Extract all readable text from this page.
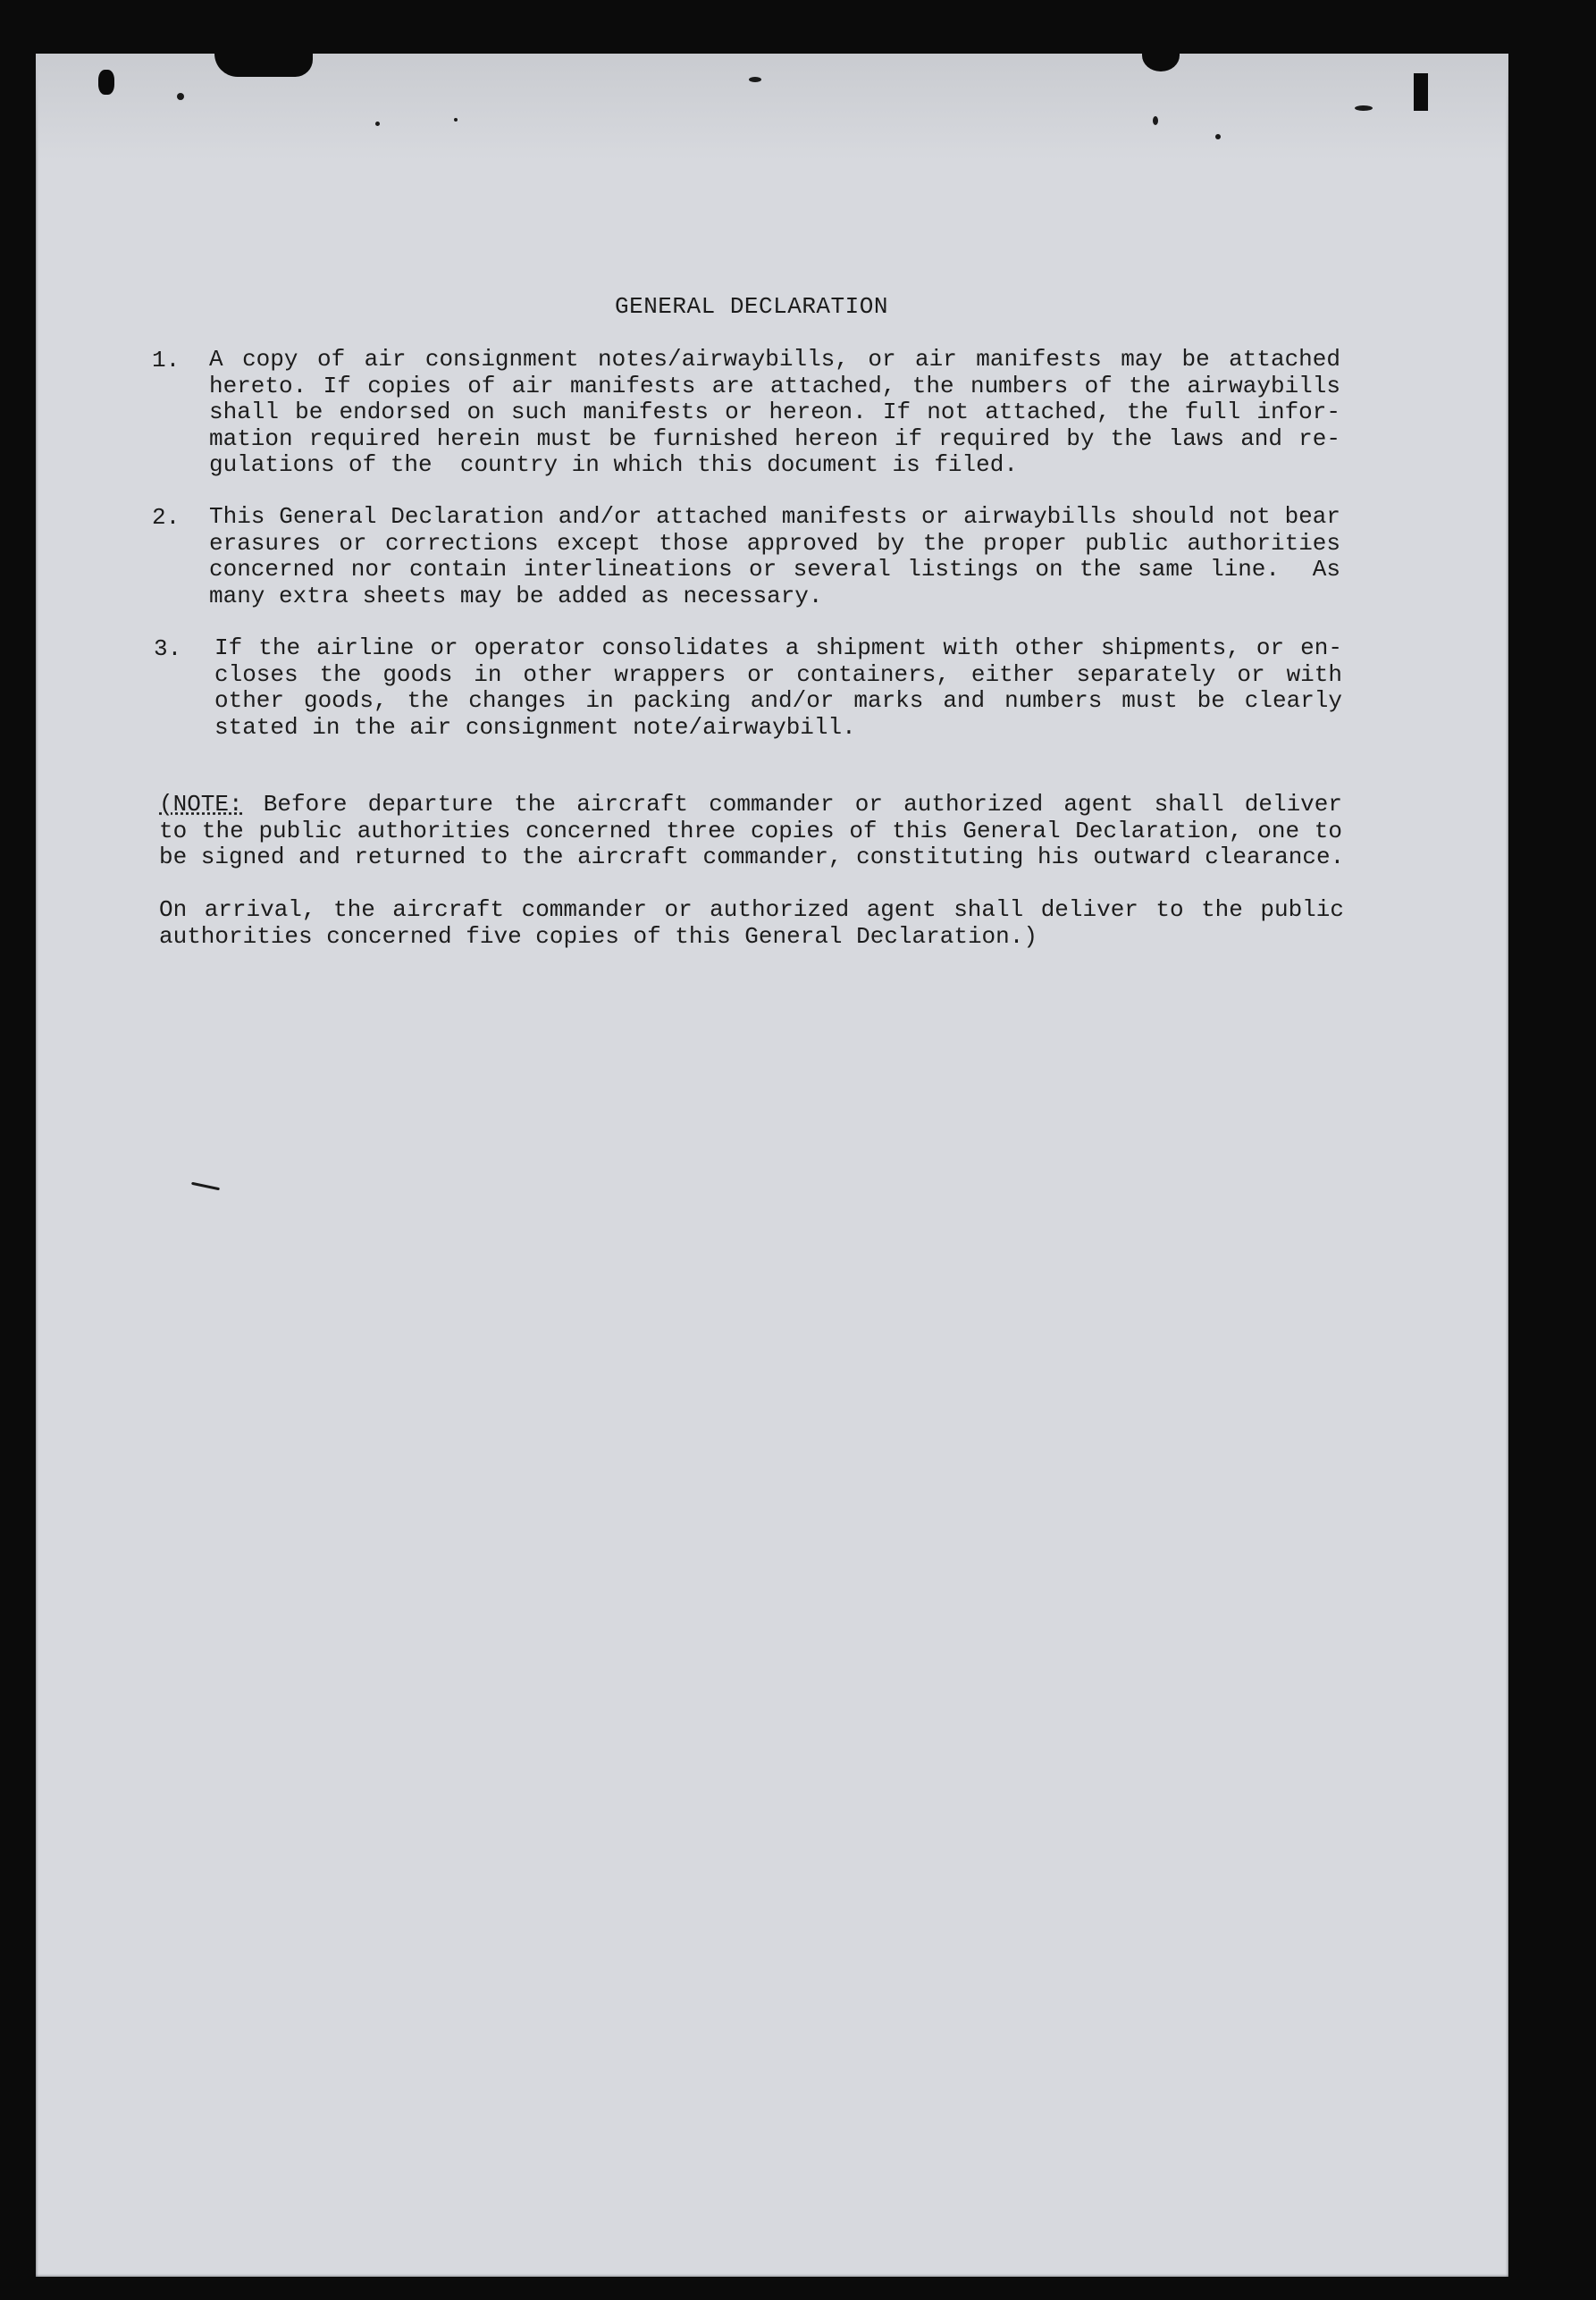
GENERAL DECLARATION
1. A copy of air consignment notes/airwaybills, or air manifests may be attached
hereto. If copies of air manifests are attached, the numbers of the airwaybills
shall be endorsed on such manifests or hereon. If not attached, the full infor-
mation required herein must be furnished hereon if required by the laws and re-
gulations of the  country in which this document is filed.
2. This General Declaration and/or attached manifests or airwaybills should not bear
erasures or corrections except those approved by the proper public authorities
concerned nor contain interlineations or several listings on the same line.  As
many extra sheets may be added as necessary.
3. If the airline or operator consolidates a shipment with other shipments, or en-
closes the goods in other wrappers or containers, either separately or with
other goods, the changes in packing and/or marks and numbers must be clearly
stated in the air consignment note/airwaybill.
(NOTE: Before departure the aircraft commander or authorized agent shall deliver
to the public authorities concerned three copies of this General Declaration, one to
be signed and returned to the aircraft commander, constituting his outward clearance.
On arrival, the aircraft commander or authorized agent shall deliver to the public
authorities concerned five copies of this General Declaration.)
